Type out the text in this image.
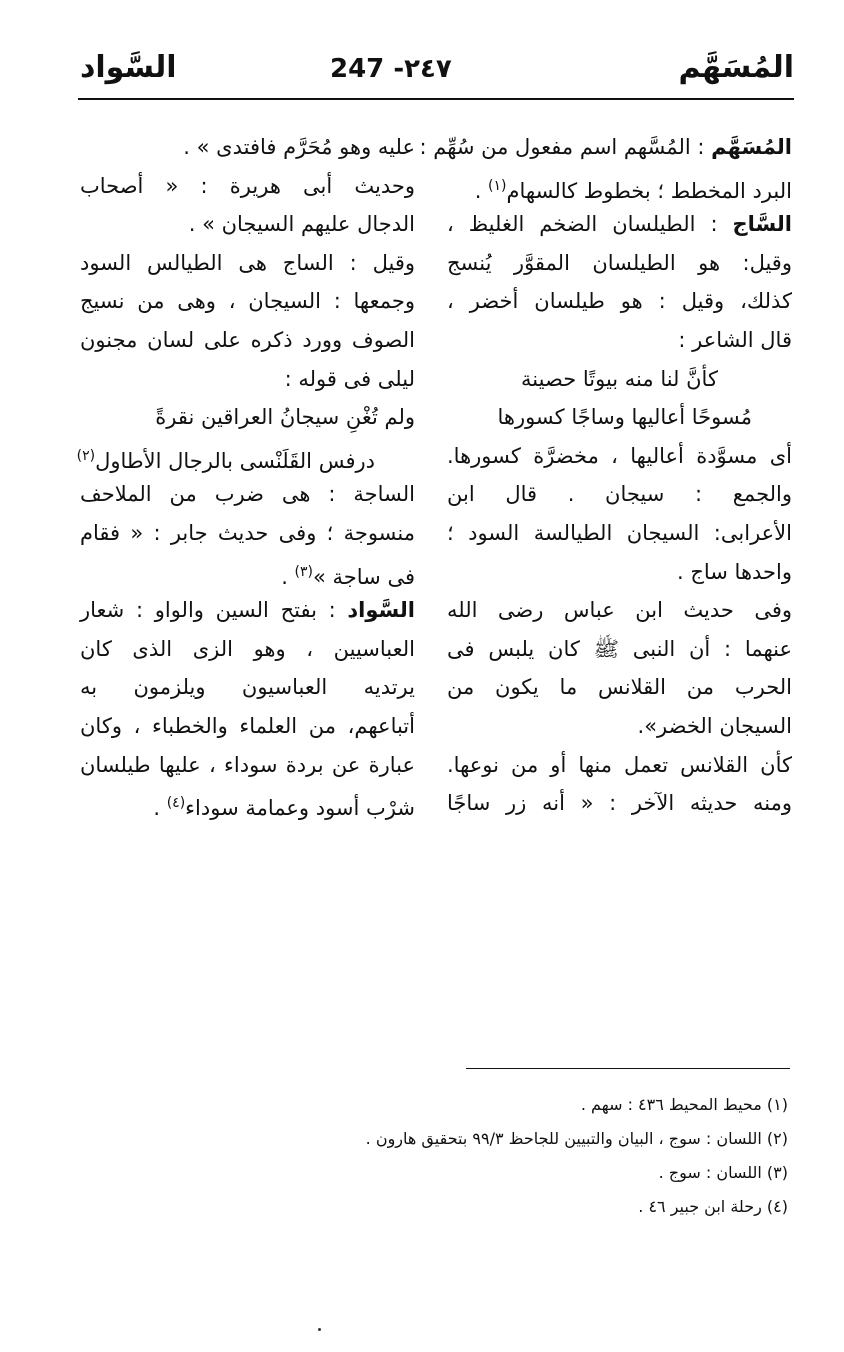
المُسَهَّم
247 -٢٤٧
السَّواد
المُسَهَّم : المُسَّهم اسم مفعول من سُهِّم :
البرد المخطط ؛ بخطوط كالسهام$^{(١)}$ .
السَّاج : الطيلسان الضخم الغليظ ،
وقيل: هو الطيلسان المقوَّر يُنسج
كذلك، وقيل : هو طيلسان أخضر ،
قال الشاعر :
كأنَّ لنا منه بيوتًا حصينة
مُسوحًا أعاليها وساجًا كسورها
أى مسوَّدة أعاليها ، مخضرَّة كسورها.
والجمع : سيجان . قال ابن
الأعرابى: السيجان الطيالسة السود ؛
واحدها ساج .
وفى حديث ابن عباس رضى الله
عنهما : أن النبى ﷺ كان يلبس فى
الحرب من القلانس ما يكون من
السيجان الخضر».
كأن القلانس تعمل منها أو من نوعها.
ومنه حديثه الآخر : « أنه زر ساجًا
عليه وهو مُحَرَّم فافتدى » .
وحديث أبى هريرة : « أصحاب
الدجال عليهم السيجان » .
وقيل : الساج هى الطيالس السود
وجمعها : السيجان ، وهى من نسيج
الصوف وورد ذكره على لسان مجنون
ليلى فى قوله :
ولم تُغْنِ سيجانُ العراقين نقرةً
درفس القَلَنْسى بالرجال الأطاول$^{(٢)}$
الساجة : هى ضرب من الملاحف
منسوجة ؛ وفى حديث جابر : « فقام
فى ساجة »$^{(٣)}$ .
السَّواد : بفتح السين والواو : شعار
العباسيين ، وهو الزى الذى كان
يرتديه العباسيون ويلزمون به
أتباعهم، من العلماء والخطباء ، وكان
عبارة عن بردة سوداء ، عليها طيلسان
شرْب أسود وعمامة سوداء$^{(٤)}$ .
(١) محيط المحيط ٤٣٦ : سهم .
(٢) اللسان : سوج ، البيان والتبيين للجاحظ ٩٩/٣ بتحقيق هارون .
(٣) اللسان : سوج .
(٤) رحلة ابن جبير ٤٦ .
